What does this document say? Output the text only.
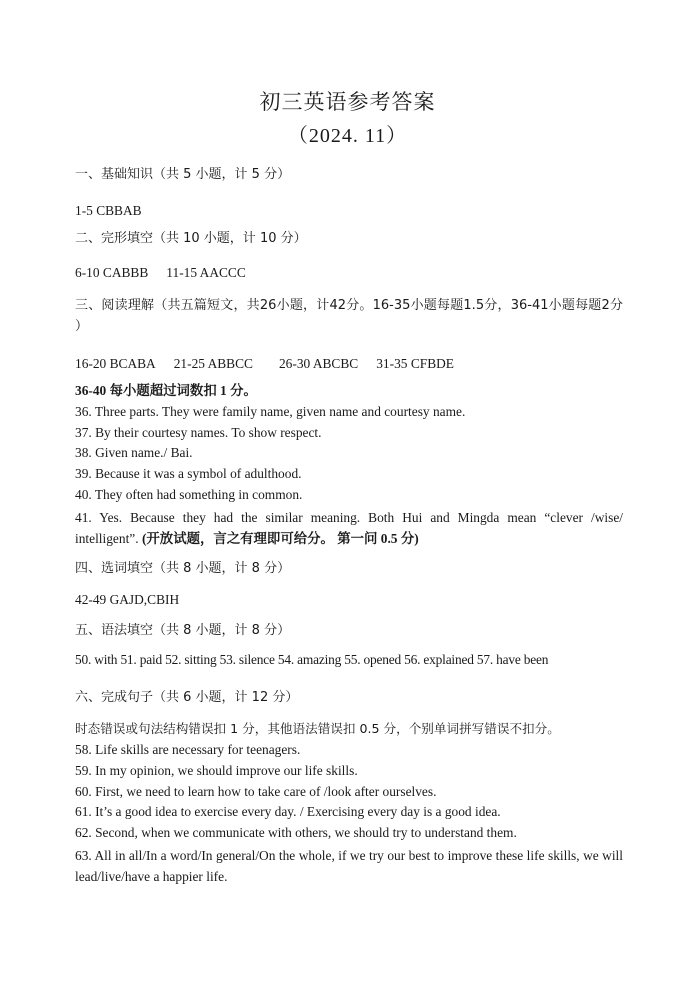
初三英语参考答案
（2024. 11）
一、基础知识（共 5 小题，计 5 分）
1-5 CBBAB
二、完形填空（共 10 小题，计 10 分）
6-10 CABBB 11-15 AACCC
三、阅读理解（共五篇短文，共26小题，计42分。16-35小题每题1.5分，36-41小题每题2分 ）
16-20 BCABA 21-25 ABBCC 26-30 ABCBC 31-35 CFBDE
36-40 每小题超过词数扣 1 分。
36. Three parts. They were family name, given name and courtesy name.
37. By their courtesy names. To show respect.
38. Given name./ Bai.
39. Because it was a symbol of adulthood.
40. They often had something in common.
41. Yes. Because they had the similar meaning. Both Hui and Mingda mean “clever /wise/ intelligent”. (开放试题，言之有理即可给分。 第一问 0.5 分)
四、选词填空（共 8 小题，计 8 分）
42-49 GAJD,CBIH
五、语法填空（共 8 小题，计 8 分）
50. with 51. paid 52. sitting 53. silence 54. amazing 55. opened 56. explained 57. have been
六、完成句子（共 6 小题，计 12 分）
时态错误或句法结构错误扣 1 分，其他语法错误扣 0.5 分，个别单词拼写错误不扣分。
58. Life skills are necessary for teenagers.
59. In my opinion, we should improve our life skills.
60. First, we need to learn how to take care of /look after ourselves.
61. It’s a good idea to exercise every day. / Exercising every day is a good idea.
62. Second, when we communicate with others, we should try to understand them.
63. All in all/In a word/In general/On the whole, if we try our best to improve these life skills, we will lead/live/have a happier life.
